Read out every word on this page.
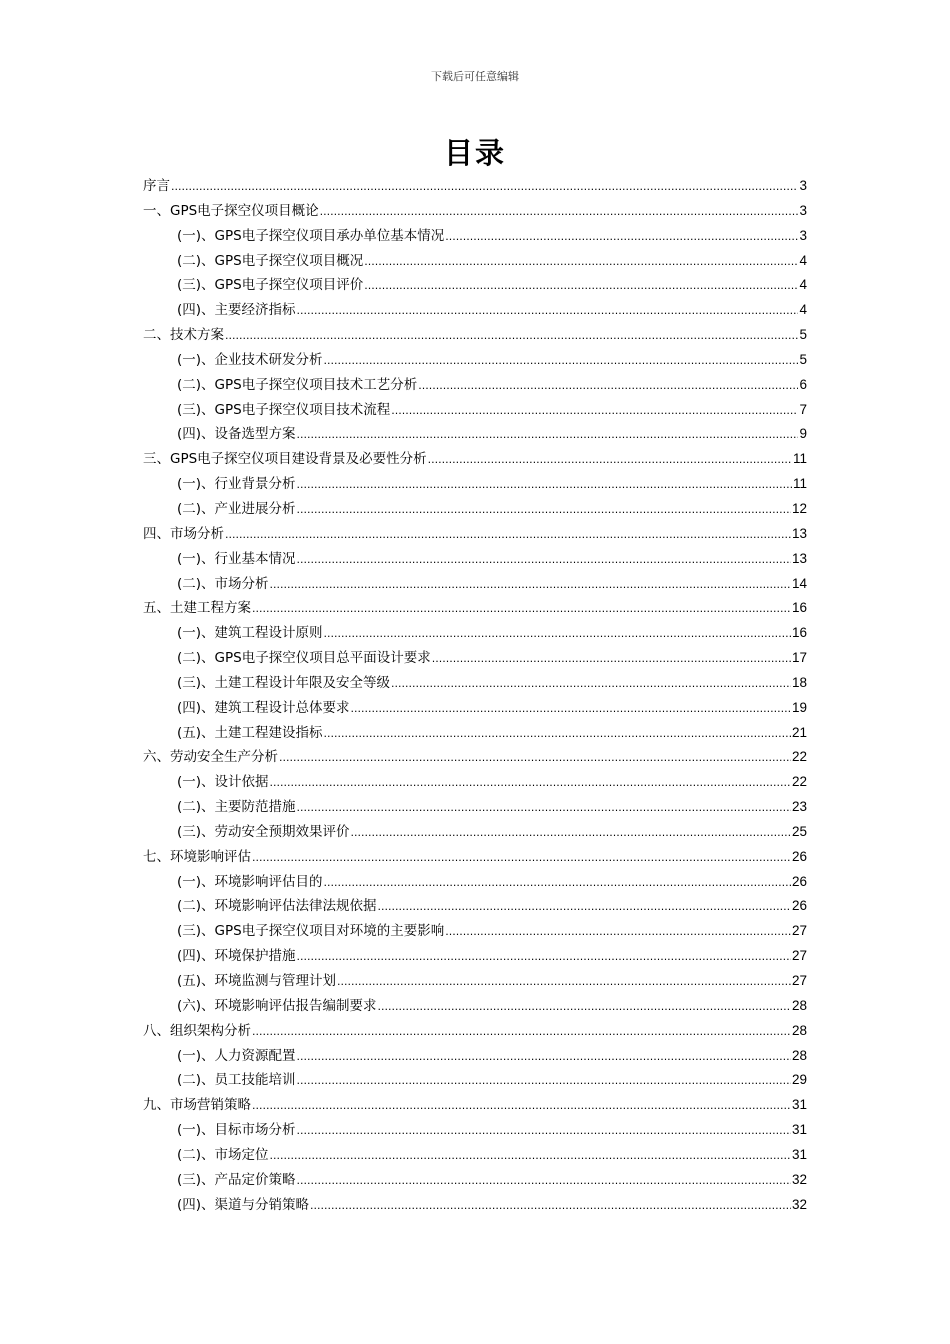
下载后可任意编辑
目录
序言 .....	3
一、GPS电子探空仪项目概论 .....	3
(一)、GPS电子探空仪项目承办单位基本情况 .....	3
(二)、GPS电子探空仪项目概况 .....	4
(三)、GPS电子探空仪项目评价 .....	4
(四)、主要经济指标 .....	4
二、技术方案 .....	5
(一)、企业技术研发分析 .....	5
(二)、GPS电子探空仪项目技术工艺分析 .....	6
(三)、GPS电子探空仪项目技术流程 .....	7
(四)、设备选型方案 .....	9
三、GPS电子探空仪项目建设背景及必要性分析 .....	11
(一)、行业背景分析 .....	11
(二)、产业进展分析 .....	12
四、市场分析 .....	13
(一)、行业基本情况 .....	13
(二)、市场分析 .....	14
五、土建工程方案 .....	16
(一)、建筑工程设计原则 .....	16
(二)、GPS电子探空仪项目总平面设计要求 .....	17
(三)、土建工程设计年限及安全等级 .....	18
(四)、建筑工程设计总体要求 .....	19
(五)、土建工程建设指标 .....	21
六、劳动安全生产分析 .....	22
(一)、设计依据 .....	22
(二)、主要防范措施 .....	23
(三)、劳动安全预期效果评价 .....	25
七、环境影响评估 .....	26
(一)、环境影响评估目的 .....	26
(二)、环境影响评估法律法规依据 .....	26
(三)、GPS电子探空仪项目对环境的主要影响 .....	27
(四)、环境保护措施 .....	27
(五)、环境监测与管理计划 .....	27
(六)、环境影响评估报告编制要求 .....	28
八、组织架构分析 .....	28
(一)、人力资源配置 .....	28
(二)、员工技能培训 .....	29
九、市场营销策略 .....	31
(一)、目标市场分析 .....	31
(二)、市场定位 .....	31
(三)、产品定价策略 .....	32
(四)、渠道与分销策略 .....	32
